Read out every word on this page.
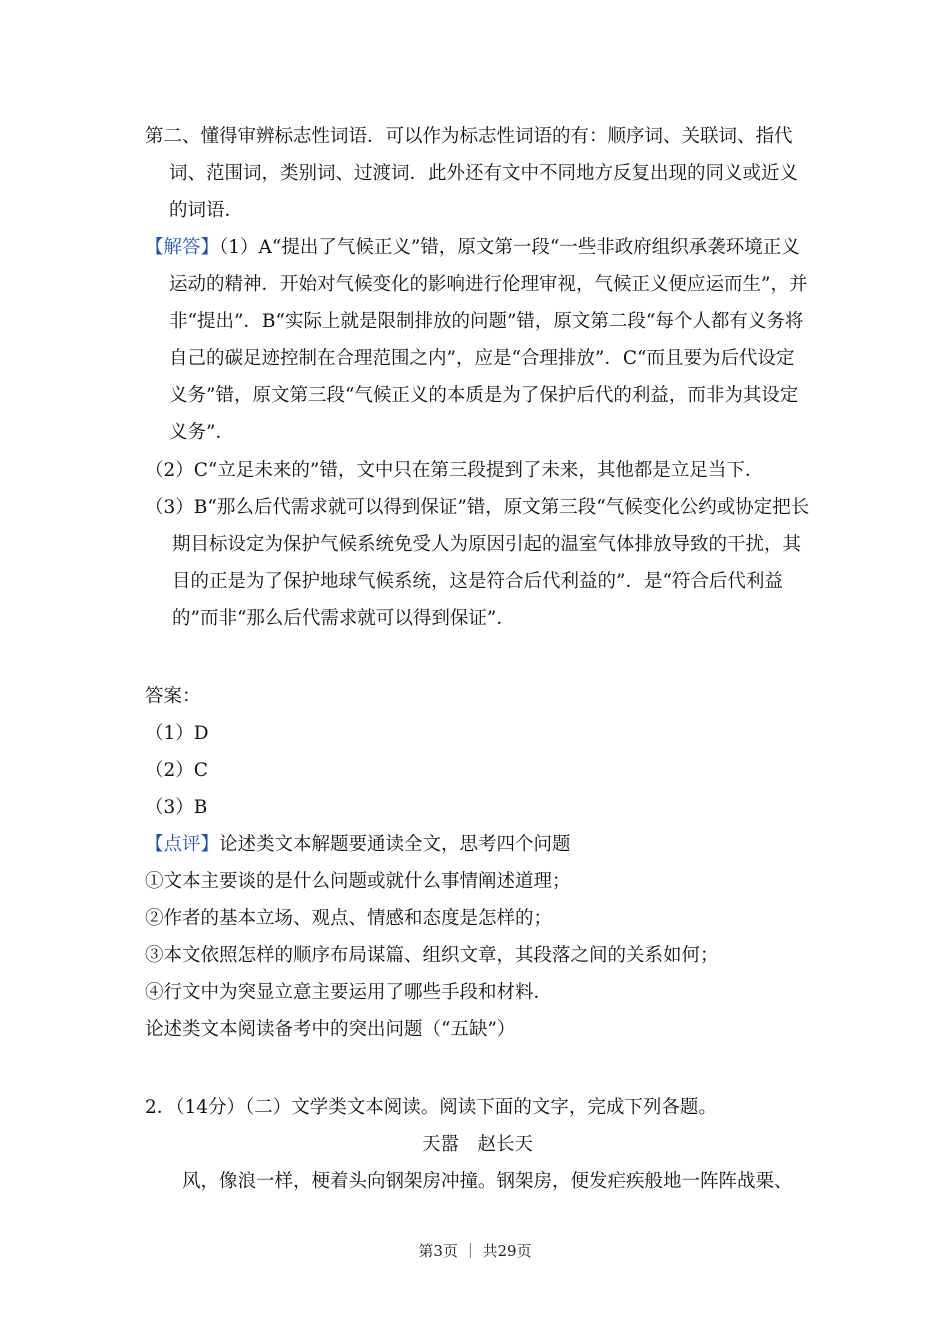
第二、懂得审辨标志性词语．可以作为标志性词语的有：顺序词、关联词、指代词、范围词，类别词、过渡词．此外还有文中不同地方反复出现的同义或近义的词语．

【解答】（1）A“提出了气候正义”错，原文第一段“一些非政府组织承袭环境正义运动的精神．开始对气候变化的影响进行伦理审视，气候正义便应运而生”，并非“提出”．B“实际上就是限制排放的问题”错，原文第二段“每个人都有义务将自己的碳足迹控制在合理范围之内”，应是“合理排放”．C“而且要为后代设定义务”错，原文第三段“气候正义的本质是为了保护后代的利益，而非为其设定义务”．

（2）C“立足未来的”错，文中只在第三段提到了未来，其他都是立足当下．

（3）B“那么后代需求就可以得到保证”错，原文第三段“气候变化公约或协定把长期目标设定为保护气候系统免受人为原因引起的温室气体排放导致的干扰，其目的正是为了保护地球气候系统，这是符合后代利益的”．是“符合后代利益的”而非“那么后代需求就可以得到保证”．

答案：
（1）D
（2）C
（3）B
【点评】论述类文本解题要通读全文，思考四个问题
①文本主要谈的是什么问题或就什么事情阐述道理；
②作者的基本立场、观点、情感和态度是怎样的；
③本文依照怎样的顺序布局谋篇、组织文章，其段落之间的关系如何；
④行文中为突显立意主要运用了哪些手段和材料．
论述类文本阅读备考中的突出问题（“五缺”）
2．（14分）（二）文学类文本阅读。阅读下面的文字，完成下列各题。
天嚣　赵长天
风，像浪一样，梗着头向钢架房冲撞。钢架房，便发疟疾般地一阵阵战栗、
第3页 ｜ 共29页
